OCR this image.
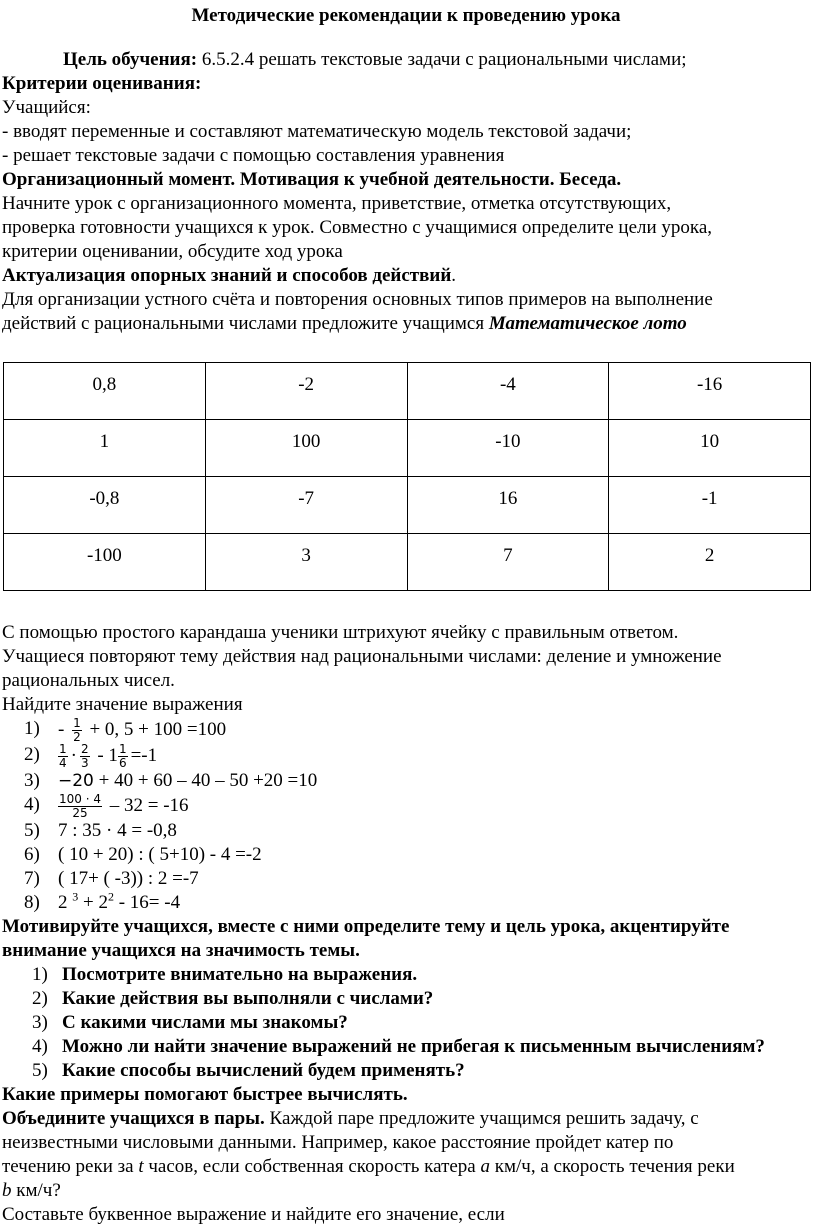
Методические рекомендации к проведению урока
Цель обучения: 6.5.2.4 решать текстовые задачи с рациональными числами;
Критерии оценивания:
Учащийся:
- вводят переменные и составляют математическую модель текстовой задачи;
- решает текстовые задачи с помощью составления уравнения
Организационный момент. Мотивация к учебной деятельности. Беседа.
Начните урок с организационного момента, приветствие, отметка отсутствующих,
проверка готовности учащихся к урок. Совместно с учащимися определите цели урока,
критерии оценивании, обсудите ход урока
Актуализация опорных знаний и способов действий.
Для организации устного счёта и повторения основных типов примеров на выполнение
действий с рациональными числами предложите учащимся Математическое лото
0,8	-2	-4	-16
1	100	-10	10
-0,8	-7	16	-1
-100	3	7	2
С помощью простого карандаша ученики штрихуют ячейку с правильным ответом.
Учащиеся повторяют тему действия над рациональными числами: деление и умножение
рациональных чисел.
Найдите значение выражения
$1) - \frac{1}{2} + 0$, 5 + 100 =100
$2) \frac{1}{4} \cdot \frac{2}{3} - 1 \frac{1}{6} =-1$
3) −20 + 40 + 60 – 40 – 50 +20 =10
$4) \frac{100 \cdot 4}{25} - 32 = -16$
5) 7 : 35 · 4 = -0,8
6) ( 10 + 20) : ( 5+10) - 4 =-2
7) ( 17+ ( -3)) : 2 =-7
8) 2 $^3 + 2^2 - 16= -4$
Мотивируйте учащихся, вместе с ними определите тему и цель урока, акцентируйте
внимание учащихся на значимость темы.
1) Посмотрите внимательно на выражения.
2) Какие действия вы выполняли с числами?
3) С какими числами мы знакомы?
4) Можно ли найти значение выражений не прибегая к письменным вычислениям?
5) Какие способы вычислений будем применять?
Какие примеры помогают быстрее вычислять.
Объедините учащихся в пары. Каждой паре предложите учащимся решить задачу, с
неизвестными числовыми данными. Например, какое расстояние пройдет катер по
течению реки за t часов, если собственная скорость катера a км/ч, а скорость течения реки
b км/ч?
Составьте буквенное выражение и найдите его значение, если
